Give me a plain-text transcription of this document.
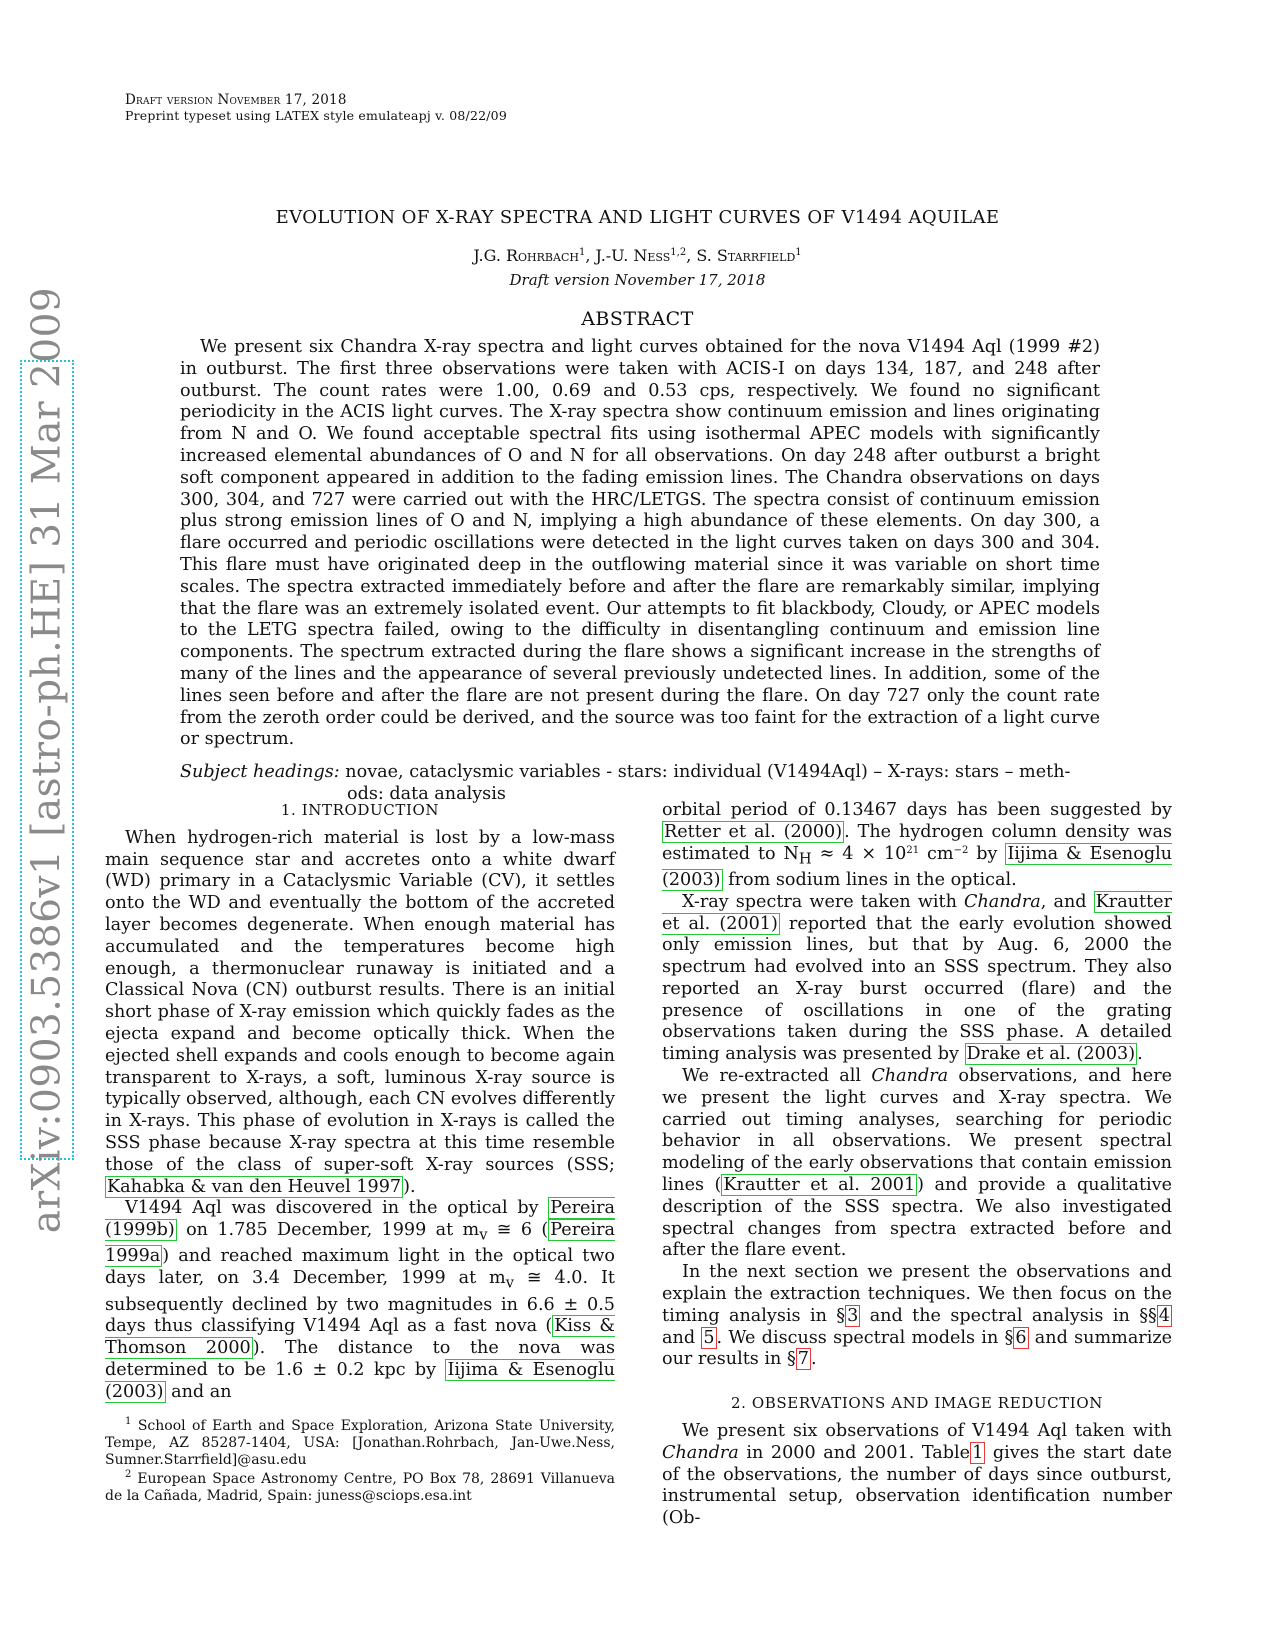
Draft version November 17, 2018
Preprint typeset using LATEX style emulateapj v. 08/22/09
arXiv:0903.5386v1 [astro-ph.HE] 31 Mar 2009
EVOLUTION OF X-RAY SPECTRA AND LIGHT CURVES OF V1494 AQUILAE
J.G. Rohrbach$^1$, J.-U. Ness$^{1,2}$, S. Starrfield$^1$
Draft version November 17, 2018
ABSTRACT
We present six Chandra X-ray spectra and light curves obtained for the nova V1494 Aql (1999 #2) in outburst. The first three observations were taken with ACIS-I on days 134, 187, and 248 after outburst. The count rates were 1.00, 0.69 and 0.53 cps, respectively. We found no significant periodicity in the ACIS light curves. The X-ray spectra show continuum emission and lines originating from N and O. We found acceptable spectral fits using isothermal APEC models with significantly increased elemental abundances of O and N for all observations. On day 248 after outburst a bright soft component appeared in addition to the fading emission lines. The Chandra observations on days 300, 304, and 727 were carried out with the HRC/LETGS. The spectra consist of continuum emission plus strong emission lines of O and N, implying a high abundance of these elements. On day 300, a flare occurred and periodic oscillations were detected in the light curves taken on days 300 and 304. This flare must have originated deep in the outflowing material since it was variable on short time scales. The spectra extracted immediately before and after the flare are remarkably similar, implying that the flare was an extremely isolated event. Our attempts to fit blackbody, Cloudy, or APEC models to the LETG spectra failed, owing to the difficulty in disentangling continuum and emission line components. The spectrum extracted during the flare shows a significant increase in the strengths of many of the lines and the appearance of several previously undetected lines. In addition, some of the lines seen before and after the flare are not present during the flare. On day 727 only the count rate from the zeroth order could be derived, and the source was too faint for the extraction of a light curve or spectrum.
Subject headings: novae, cataclysmic variables - stars: individual (V1494Aql) – X-rays: stars – meth-
ods: data analysis
1. INTRODUCTION

When hydrogen-rich material is lost by a low-mass main sequence star and accretes onto a white dwarf (WD) primary in a Cataclysmic Variable (CV), it settles onto the WD and eventually the bottom of the accreted layer becomes degenerate. When enough material has accumulated and the temperatures become high enough, a thermonuclear runaway is initiated and a Classical Nova (CN) outburst results. There is an initial short phase of X-ray emission which quickly fades as the ejecta expand and become optically thick. When the ejected shell expands and cools enough to become again transparent to X-rays, a soft, luminous X-ray source is typically observed, although, each CN evolves differently in X-rays. This phase of evolution in X-rays is called the SSS phase because X-ray spectra at this time resemble those of the class of super-soft X-ray sources (SSS; Kahabka & van den Heuvel 1997 ).

V1494 Aql was discovered in the optical by Pereira (1999b) on 1.785 December, 1999 at $m_v$ ≅ 6 ( Pereira 1999a ) and reached maximum light in the optical two days later, on 3.4 December, 1999 at $m_v$ ≅ 4.0. It subsequently declined by two magnitudes in 6.6 ± 0.5 days thus classifying V1494 Aql as a fast nova ( Kiss & Thomson 2000 ). The distance to the nova was determined to be 1.6 ± 0.2 kpc by Iijima & Esenoglu (2003) and an

$^1$ School of Earth and Space Exploration, Arizona State University, Tempe, AZ 85287-1404, USA: [Jonathan.Rohrbach, Jan-Uwe.Ness, Sumner.Starrfield]@asu.edu

$^2$ European Space Astronomy Centre, PO Box 78, 28691 Villanueva de la Cañada, Madrid, Spain: juness@sciops.esa.int

orbital period of 0.13467 days has been suggested by Retter et al. (2000) . The hydrogen column density was estimated to $N_H \approx 4 \times 10^{21}$ $cm^{-2}$ by Iijima & Esenoglu (2003) from sodium lines in the optical.

X-ray spectra were taken with Chandra, and Krautter et al. (2001) reported that the early evolution showed only emission lines, but that by Aug. 6, 2000 the spectrum had evolved into an SSS spectrum. They also reported an X-ray burst occurred (flare) and the presence of oscillations in one of the grating observations taken during the SSS phase. A detailed timing analysis was presented by Drake et al. (2003) .

We re-extracted all Chandra observations, and here we present the light curves and X-ray spectra. We carried out timing analyses, searching for periodic behavior in all observations. We present spectral modeling of the early observations that contain emission lines ( Krautter et al. 2001 ) and provide a qualitative description of the SSS spectra. We also investigated spectral changes from spectra extracted before and after the flare event.

In the next section we present the observations and explain the extraction techniques. We then focus on the timing analysis in § 3 and the spectral analysis in §§ 4 and 5 . We discuss spectral models in § 6 and summarize our results in § 7 .

2. OBSERVATIONS AND IMAGE REDUCTION

We present six observations of V1494 Aql taken with Chandra in 2000 and 2001. Table 1 gives the start date of the observations, the number of days since outburst, instrumental setup, observation identification number (Ob-
